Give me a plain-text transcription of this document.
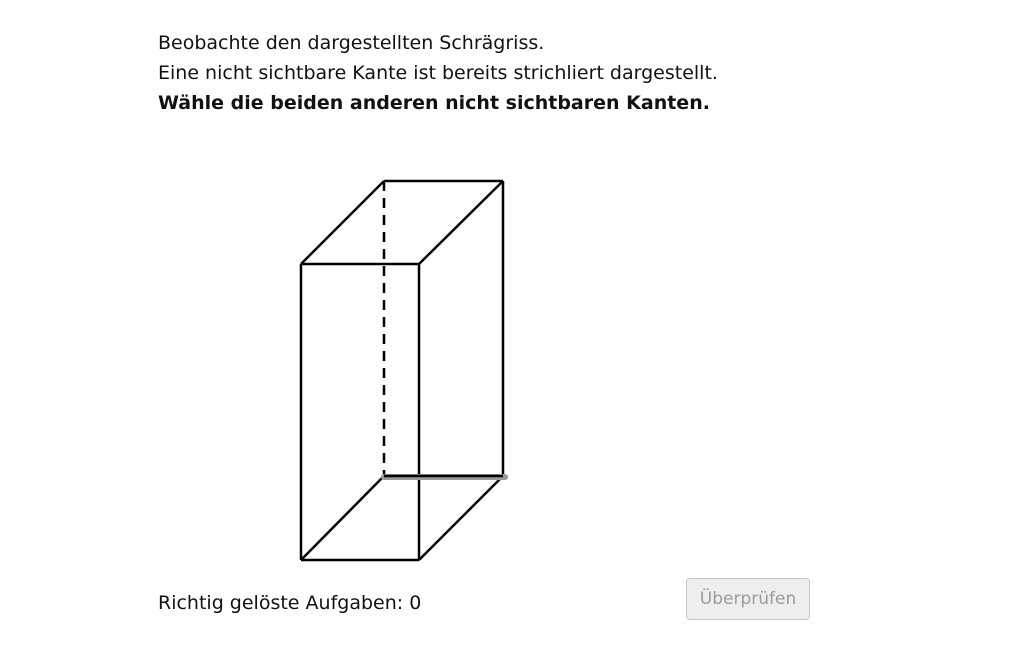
Beobachte den dargestellten Schrägriss.
Eine nicht sichtbare Kante ist bereits strichliert dargestellt.
Wähle die beiden anderen nicht sichtbaren Kanten.
Richtig gelöste Aufgaben: 0	Überprüfen
